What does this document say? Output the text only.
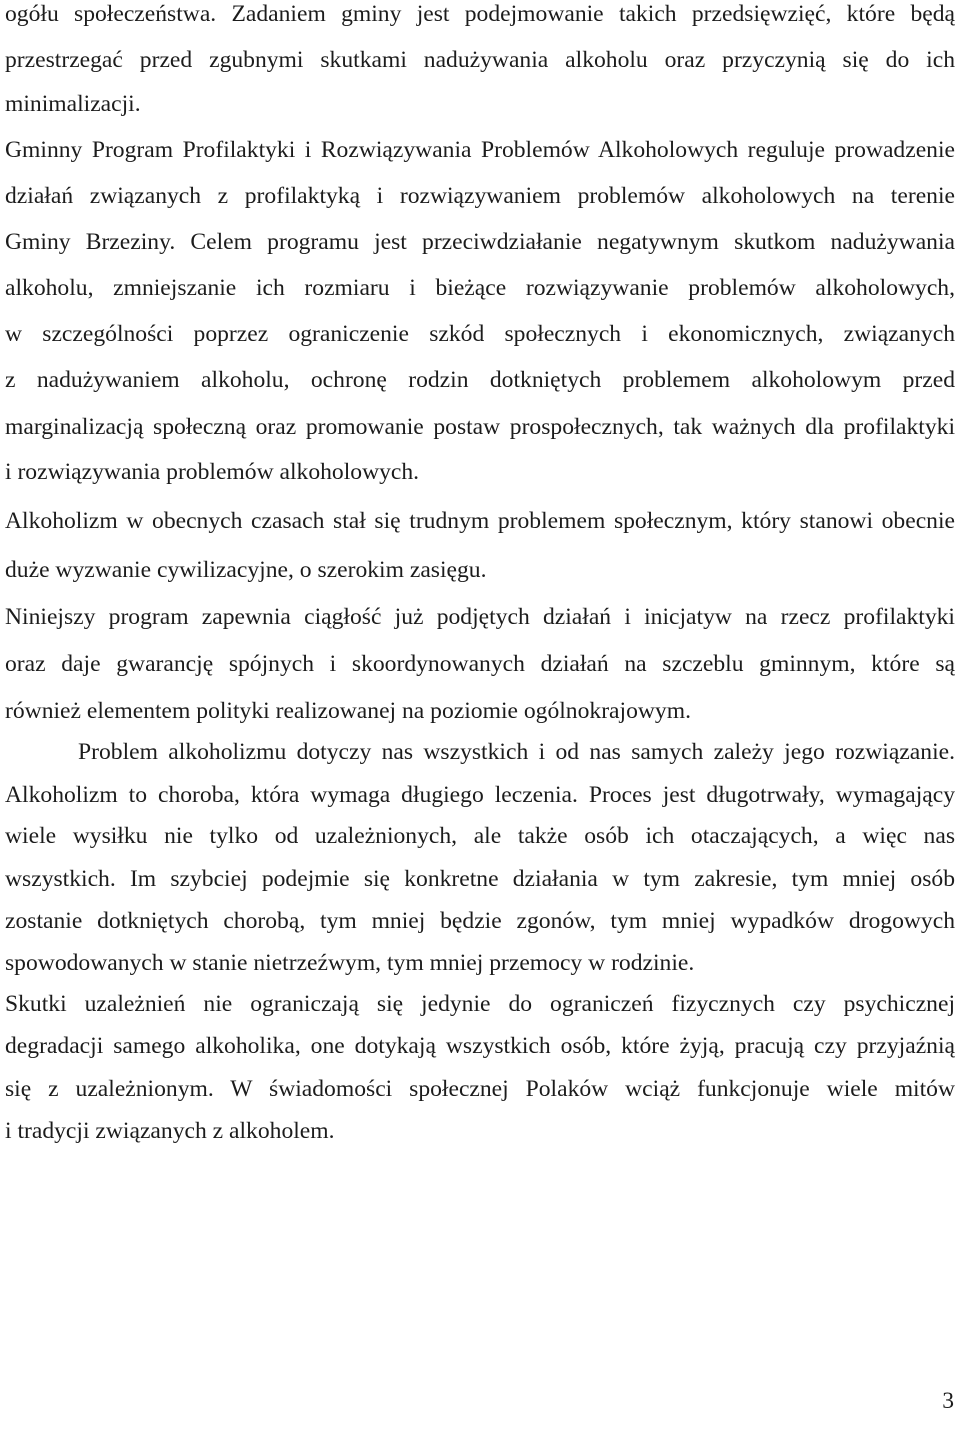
ogółu społeczeństwa. Zadaniem gminy jest podejmowanie takich przedsięwzięć, które będą
przestrzegać przed zgubnymi skutkami nadużywania alkoholu oraz przyczynią się do ich
minimalizacji.
Gminny Program Profilaktyki i Rozwiązywania Problemów Alkoholowych reguluje prowadzenie
działań związanych z profilaktyką i rozwiązywaniem problemów alkoholowych na terenie
Gminy Brzeziny. Celem programu jest przeciwdziałanie negatywnym skutkom nadużywania
alkoholu, zmniejszanie ich rozmiaru i bieżące rozwiązywanie problemów alkoholowych,
w szczególności poprzez ograniczenie szkód społecznych i ekonomicznych, związanych
z nadużywaniem alkoholu, ochronę rodzin dotkniętych problemem alkoholowym przed
marginalizacją społeczną oraz promowanie postaw prospołecznych, tak ważnych dla profilaktyki
i rozwiązywania problemów alkoholowych.
Alkoholizm w obecnych czasach stał się trudnym problemem społecznym, który stanowi obecnie
duże wyzwanie cywilizacyjne, o szerokim zasięgu.
Niniejszy program zapewnia ciągłość już podjętych działań i inicjatyw na rzecz profilaktyki
oraz daje gwarancję spójnych i skoordynowanych działań na szczeblu gminnym, które są
również elementem polityki realizowanej na poziomie ogólnokrajowym.
Problem alkoholizmu dotyczy nas wszystkich i od nas samych zależy jego rozwiązanie.
Alkoholizm to choroba, która wymaga długiego leczenia. Proces jest długotrwały, wymagający
wiele wysiłku nie tylko od uzależnionych, ale także osób ich otaczających, a więc nas
wszystkich. Im szybciej podejmie się konkretne działania w tym zakresie, tym mniej osób
zostanie dotkniętych chorobą, tym mniej będzie zgonów, tym mniej wypadków drogowych
spowodowanych w stanie nietrzeźwym, tym mniej przemocy w rodzinie.
Skutki uzależnień nie ograniczają się jedynie do ograniczeń fizycznych czy psychicznej
degradacji samego alkoholika, one dotykają wszystkich osób, które żyją, pracują czy przyjaźnią
się z uzależnionym. W świadomości społecznej Polaków wciąż funkcjonuje wiele mitów
i tradycji związanych z alkoholem.
3
